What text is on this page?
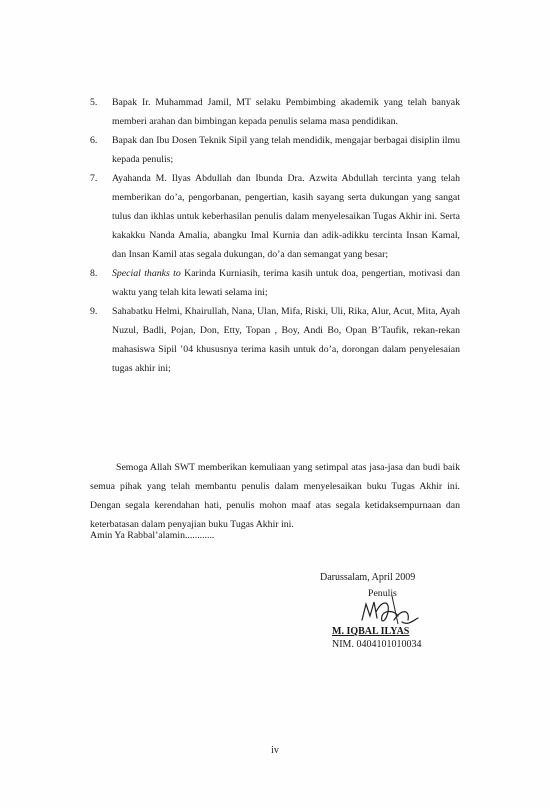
5. Bapak Ir. Muhammad Jamil, MT selaku Pembimbing akademik yang telah banyak memberi arahan dan bimbingan kepada penulis selama masa pendidikan.
6. Bapak dan Ibu Dosen Teknik Sipil yang telah mendidik, mengajar berbagai disiplin ilmu kepada penulis;
7. Ayahanda M. Ilyas Abdullah dan Ibunda Dra. Azwita Abdullah tercinta yang telah memberikan do’a, pengorbanan, pengertian, kasih sayang serta dukungan yang sangat tulus dan ikhlas untuk keberhasilan penulis dalam menyelesaikan Tugas Akhir ini. Serta kakakku Nanda Amalia, abangku Imal Kurnia dan adik-adikku tercinta Insan Kamal, dan Insan Kamil atas segala dukungan, do’a dan semangat yang besar;
8. Special thanks to Karinda Kurniasih, terima kasih untuk doa, pengertian, motivasi dan waktu yang telah kita lewati selama ini;
9. Sahabatku Helmi, Khairullah, Nana, Ulan, Mifa, Riski, Uli, Rika, Alur, Acut, Mita, Ayah Nuzul, Badli, Pojan, Don, Etty, Topan , Boy, Andi Bo, Opan B’Taufik, rekan-rekan mahasiswa Sipil ’04 khususnya terima kasih untuk do’a, dorongan dalam penyelesaian tugas akhir ini;

Semoga Allah SWT memberikan kemuliaan yang setimpal atas jasa-jasa dan budi baik semua pihak yang telah membantu penulis dalam menyelesaikan buku Tugas Akhir ini. Dengan segala kerendahan hati, penulis mohon maaf atas segala ketidaksempurnaan dan keterbatasan dalam penyajian buku Tugas Akhir ini.

Amin Ya Rabbal’alamin............

Darussalam, April 2009
Penulis
M. IQBAL ILYAS
NIM. 0404101010034
iv
